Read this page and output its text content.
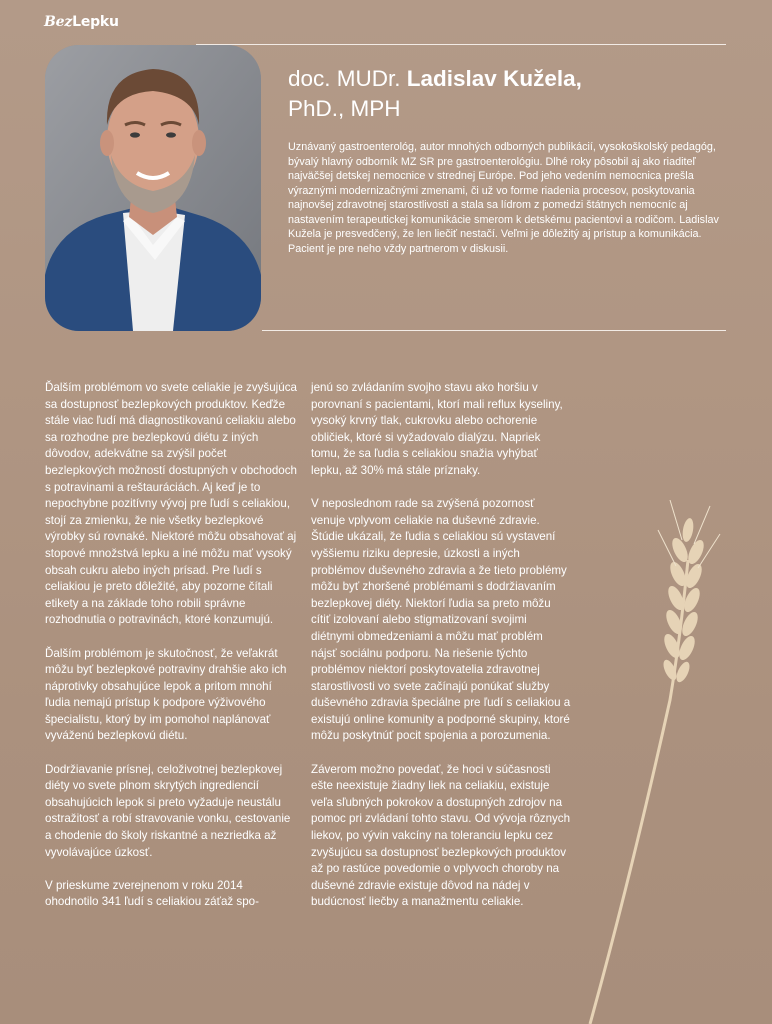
BezLepku
doc. MUDr. Ladislav Kužela,
PhD., MPH
Uznávaný gastroenterológ, autor mnohých odborných publikácií, vysokoškolský pedagóg, bývalý hlavný odborník MZ SR pre gastroenterológiu. Dlhé roky pôsobil aj ako riaditeľ najväčšej detskej nemocnice v strednej Európe. Pod jeho vedením nemocnica prešla výraznými modernizačnými zmenami, či už vo forme riadenia procesov, poskytovania najnovšej zdravotnej starostlivosti a stala sa lídrom z pomedzi štátnych nemocníc aj nastavením terapeutickej komunikácie smerom k detskému pacientovi a rodičom. Ladislav Kužela je presvedčený, že len liečiť nestačí. Veľmi je dôležitý aj prístup a komunikácia. Pacient je pre neho vždy partnerom v diskusii.

Ďalším problémom vo svete celiakie je zvyšujúca sa dostupnosť bezlepkových produktov. Keďže stále viac ľudí má diagnostikovanú celiakiu alebo sa rozhodne pre bezlepkovú diétu z iných dôvodov, adekvátne sa zvýšil počet bezlepkových možností dostupných v obchodoch s potravinami a reštauráciách. Aj keď je to nepochybne pozitívny vývoj pre ľudí s celiakiou, stojí za zmienku, že nie všetky bezlepkové výrobky sú rovnaké. Niektoré môžu obsahovať aj stopové množstvá lepku a iné môžu mať vysoký obsah cukru alebo iných prísad. Pre ľudí s celiakiou je preto dôležité, aby pozorne čítali etikety a na základe toho robili správne rozhodnutia o potravinách, ktoré konzumujú.

Ďalším problémom je skutočnosť, že veľakrát môžu byť bezlepkové potraviny drahšie ako ich náprotivky obsahujúce lepok a pritom mnohí ľudia nemajú prístup k podpore výživového špecialistu, ktorý by im pomohol naplánovať vyváženú bezlepkovú diétu.

Dodržiavanie prísnej, celoživotnej bezlepkovej diéty vo svete plnom skrytých ingrediencií obsahujúcich lepok si preto vyžaduje neustálu ostražitosť a robí stravovanie vonku, cestovanie a chodenie do školy riskantné a nezriedka až vyvolávajúce úzkosť.

V prieskume zverejnenom v roku 2014 ohodnotilo 341 ľudí s celiakiou záťaž spo-

jenú so zvládaním svojho stavu ako horšiu v porovnaní s pacientami, ktorí mali reflux kyseliny, vysoký krvný tlak, cukrovku alebo ochorenie obličiek, ktoré si vyžadovalo dialýzu. Napriek tomu, že sa ľudia s celiakiou snažia vyhýbať lepku, až 30% má stále príznaky.

V neposlednom rade sa zvýšená pozornosť venuje vplyvom celiakie na duševné zdravie. Štúdie ukázali, že ľudia s celiakiou sú vystavení vyššiemu riziku depresie, úzkosti a iných problémov duševného zdravia a že tieto problémy môžu byť zhoršené problémami s dodržiavaním bezlepkovej diéty. Niektorí ľudia sa preto môžu cítiť izolovaní alebo stigmatizovaní svojimi diétnymi obmedzeniami a môžu mať problém nájsť sociálnu podporu. Na riešenie týchto problémov niektorí poskytovatelia zdravotnej starostlivosti vo svete začínajú ponúkať služby duševného zdravia špeciálne pre ľudí s celiakiou a existujú online komunity a podporné skupiny, ktoré môžu poskytnúť pocit spojenia a porozumenia.

Záverom možno povedať, že hoci v súčasnosti ešte neexistuje žiadny liek na celiakiu, existuje veľa sľubných pokrokov a dostupných zdrojov na pomoc pri zvládaní tohto stavu. Od vývoja rôznych liekov, po vývin vakcíny na toleranciu lepku cez zvyšujúcu sa dostupnosť bezlepkových produktov až po rastúce povedomie o vplyvoch choroby na duševné zdravie existuje dôvod na nádej v budúcnosť liečby a manažmentu celiakie.
